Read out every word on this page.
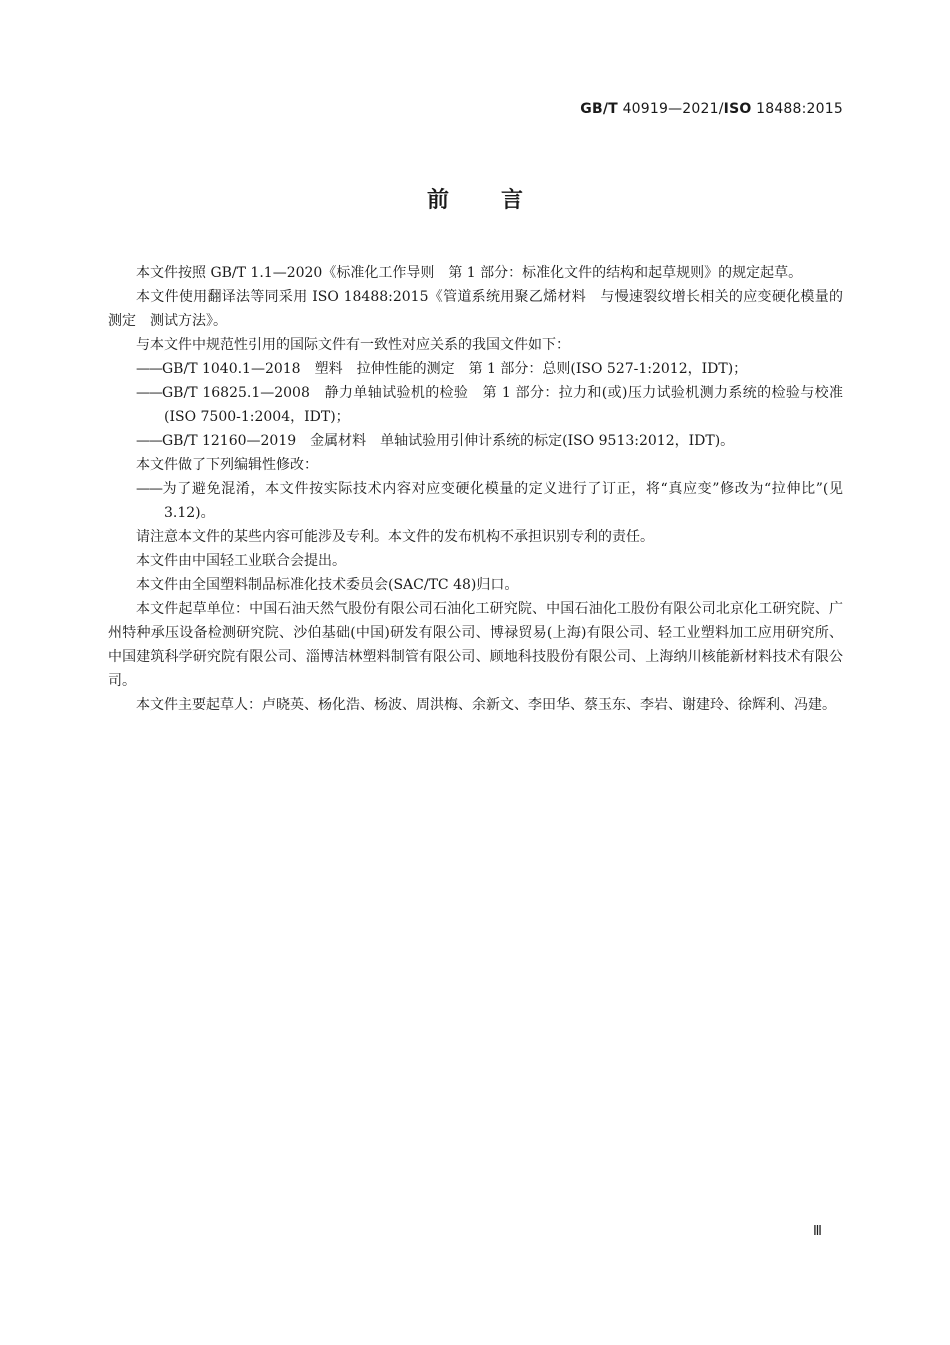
GB/T 40919—2021/ISO 18488:2015
前言

本文件按照 GB/T 1.1—2020《标准化工作导则　第 1 部分：标准化文件的结构和起草规则》的规定起草。

本文件使用翻译法等同采用 ISO 18488:2015《管道系统用聚乙烯材料　与慢速裂纹增长相关的应变硬化模量的测定　测试方法》。

与本文件中规范性引用的国际文件有一致性对应关系的我国文件如下：

—— GB/T 1040.1—2018　塑料　拉伸性能的测定　第 1 部分：总则(ISO 527-1:2012，IDT)；

—— GB/T 16825.1—2008　静力单轴试验机的检验　第 1 部分：拉力和(或)压力试验机测力系统的检验与校准(ISO 7500-1:2004，IDT)；

—— GB/T 12160—2019　金属材料　单轴试验用引伸计系统的标定(ISO 9513:2012，IDT)。

本文件做了下列编辑性修改：

—— 为了避免混淆，本文件按实际技术内容对应变硬化模量的定义进行了订正，将“真应变”修改为“拉伸比”(见 3.12)。

请注意本文件的某些内容可能涉及专利。本文件的发布机构不承担识别专利的责任。

本文件由中国轻工业联合会提出。

本文件由全国塑料制品标准化技术委员会(SAC/TC 48)归口。

本文件起草单位：中国石油天然气股份有限公司石油化工研究院、中国石油化工股份有限公司北京化工研究院、广州特种承压设备检测研究院、沙伯基础(中国)研发有限公司、博禄贸易(上海)有限公司、轻工业塑料加工应用研究所、中国建筑科学研究院有限公司、淄博洁林塑料制管有限公司、顾地科技股份有限公司、上海纳川核能新材料技术有限公司。

本文件主要起草人：卢晓英、杨化浩、杨波、周洪梅、余新文、李田华、蔡玉东、李岩、谢建玲、徐辉利、冯建。

Ⅲ
